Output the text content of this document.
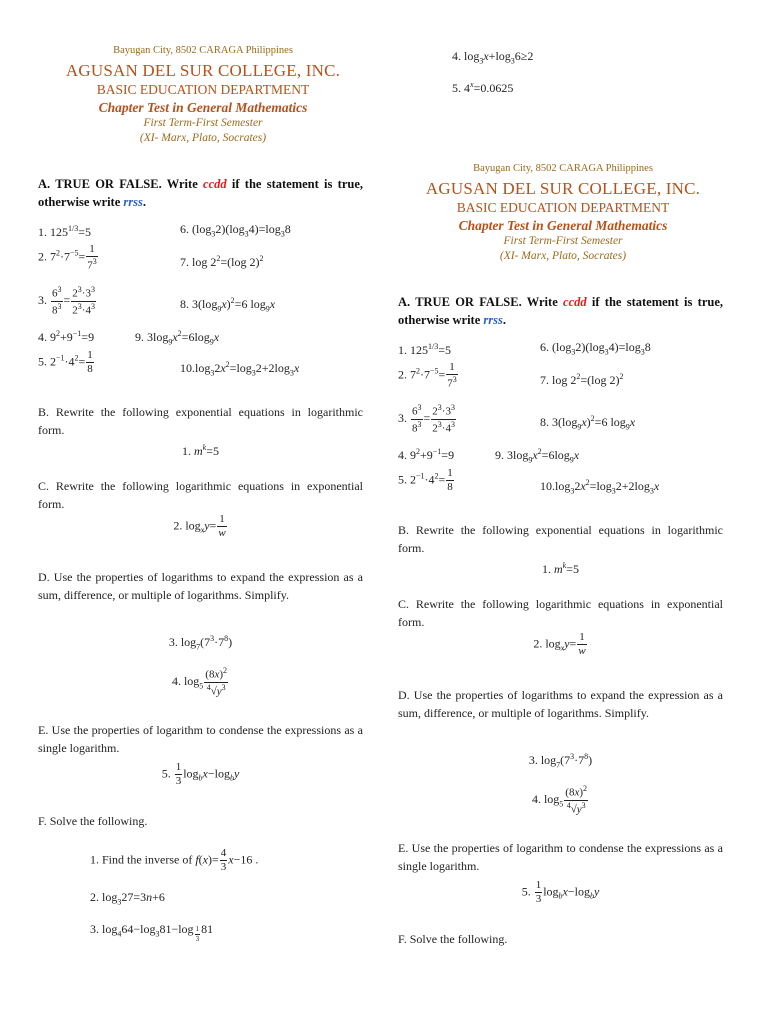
Bayugan City, 8502 CARAGA Philippines
AGUSAN DEL SUR COLLEGE, INC.
BASIC EDUCATION DEPARTMENT
Chapter Test in General Mathematics
First Term-First Semester
(XI- Marx, Plato, Socrates)
A. TRUE OR FALSE. Write ccdd if the statement is true, otherwise write rrss.
1. $125^{1/3}=5$
2. $7^2\cdot 7^{-5}= \frac{1}{7^3}$
3. $\frac{6^3}{8^3} = \frac{2^3\cdot 3^3}{2^3\cdot 4^3}$
4. $9^2+9^{-1}=9$
5. $2^{-1}\cdot 4^2= \frac{1}{8}$
6. $(\log_32)(\log_34)=\log_38$
7. $\log 2^2=(\log$ 2)$^2$
8. $3(\log_9x)^2=6$ $\log_9x$
9. $3\log_9x^2=6\log_9x$
$10.\log_32x^2=\log_32+2\log_3x$
B. Rewrite the following exponential equations in logarithmic form.
1. $m^k=5$
C. Rewrite the following logarithmic equations in exponential form.
2. $\log_xy= \frac{1}{w}$
D. Use the properties of logarithms to expand the expression as a sum, difference, or multiple of logarithms. Simplify.
3. $\log_7(7^3\cdot 7^8)$
4. $\log_5 \frac{(8x)^2}{^4√y^3}$
E. Use the properties of logarithm to condense the expressions as a single logarithm.
5. $\frac{1}{3} \log_bx-\log_by$
F. Solve the following.
1. Find the inverse of $f(x)= \frac{4}{3} x-16$ .
2. $\log_327=3n+6$
3. $\log_464-\log_381-\log$ $_{\frac{1}{3}}$ 81
4. $\log_3x+\log_36\ge 2$
5. $4^x=0.0625$
Bayugan City, 8502 CARAGA Philippines
AGUSAN DEL SUR COLLEGE, INC.
BASIC EDUCATION DEPARTMENT
Chapter Test in General Mathematics
First Term-First Semester
(XI- Marx, Plato, Socrates)
A. TRUE OR FALSE. Write ccdd if the statement is true, otherwise write rrss.
1. $125^{1/3}=5$
2. $7^2\cdot 7^{-5}= \frac{1}{7^3}$
3. $\frac{6^3}{8^3} = \frac{2^3\cdot 3^3}{2^3\cdot 4^3}$
4. $9^2+9^{-1}=9$
5. $2^{-1}\cdot 4^2= \frac{1}{8}$
6. $(\log_32)(\log_34)=\log_38$
7. $\log 2^2=(\log$ 2)$^2$
8. $3(\log_9x)^2=6$ $\log_9x$
9. $3\log_9x^2=6\log_9x$
$10.\log_32x^2=\log_32+2\log_3x$
B. Rewrite the following exponential equations in logarithmic form.
1. $m^k=5$
C. Rewrite the following logarithmic equations in exponential form.
2. $\log_xy= \frac{1}{w}$
D. Use the properties of logarithms to expand the expression as a sum, difference, or multiple of logarithms. Simplify.
3. $\log_7(7^3\cdot 7^8)$
4. $\log_5 \frac{(8x)^2}{^4√y^3}$
E. Use the properties of logarithm to condense the expressions as a single logarithm.
5. $\frac{1}{3} \log_bx-\log_by$
F. Solve the following.
